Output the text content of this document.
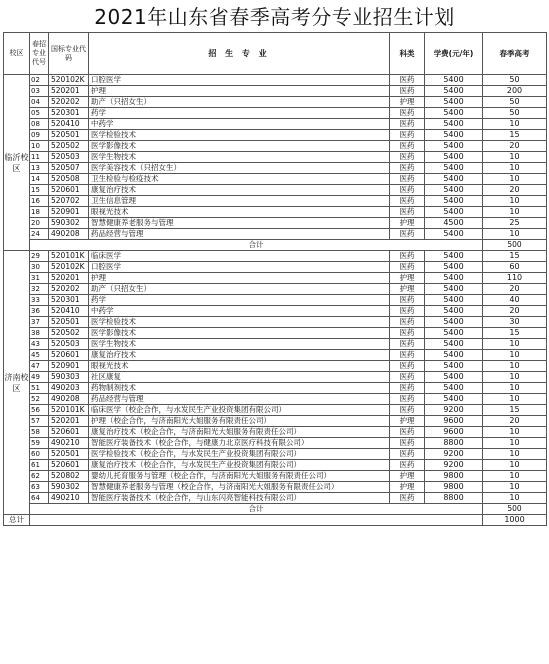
2021年山东省春季高考分专业招生计划
校区	春招专业代号	国标专业代码	招 生 专 业	科类	学费(元/年)	春季高考
临沂校区	02	520102K	口腔医学	医药	5400	50
	03	520201	护理	医药	5400	200
	04	520202	助产（只招女生）	护理	5400	50
	05	520301	药学	医药	5400	50
	08	520410	中药学	医药	5400	10
	09	520501	医学检验技术	医药	5400	15
	10	520502	医学影像技术	医药	5400	20
	11	520503	医学生物技术	医药	5400	10
	13	520507	医学美容技术（只招女生）	医药	5400	10
	14	520508	卫生检验与检疫技术	医药	5400	10
	15	520601	康复治疗技术	医药	5400	20
	16	520702	卫生信息管理	医药	5400	10
	18	520901	眼视光技术	医药	5400	10
	20	590302	智慧健康养老服务与管理	护理	4500	25
	24	490208	药品经营与管理	医药	5400	10
	合计					500
济南校区	29	520101K	临床医学	医药	5400	15
	30	520102K	口腔医学	医药	5400	60
	31	520201	护理	护理	5400	110
	32	520202	助产（只招女生）	护理	5400	20
	33	520301	药学	医药	5400	40
	36	520410	中药学	医药	5400	20
	37	520501	医学检验技术	医药	5400	30
	38	520502	医学影像技术	医药	5400	15
	43	520503	医学生物技术	医药	5400	10
	45	520601	康复治疗技术	医药	5400	10
	47	520901	眼视光技术	医药	5400	10
	49	590303	社区康复	医药	5400	10
	51	490203	药物制剂技术	医药	5400	10
	52	490208	药品经营与管理	医药	5400	10
	56	520101K	临床医学（校企合作，与水发民生产业投资集团有限公司）	医药	9200	15
	57	520201	护理（校企合作，与济南阳光大姐服务有限责任公司）	护理	9600	20
	58	520601	康复治疗技术（校企合作，与济南阳光大姐服务有限责任公司）	医药	9600	10
	59	490210	智能医疗装备技术（校企合作，与健康力北京医疗科技有限公司）	医药	8800	10
	60	520501	医学检验技术（校企合作，与水发民生产业投资集团有限公司）	医药	9200	10
	61	520601	康复治疗技术（校企合作，与水发民生产业投资集团有限公司）	医药	9200	10
	62	520802	婴幼儿托育服务与管理（校企合作，与济南阳光大姐服务有限责任公司）	护理	9800	10
	63	590302	智慧健康养老服务与管理（校企合作，与济南阳光大姐服务有限责任公司）	护理	9800	10
	64	490210	智能医疗装备技术（校企合作，与山东闪亮智能科技有限公司）	医药	8800	10
	合计					500
总计						1000
